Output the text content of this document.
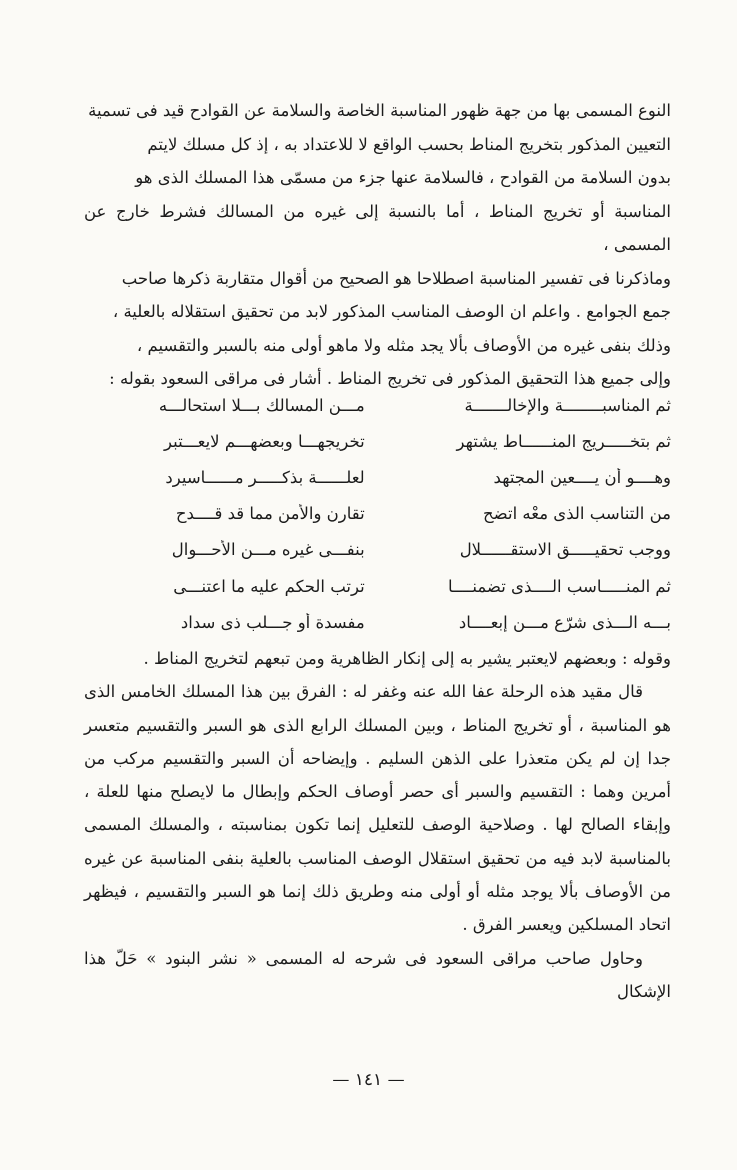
النوع المسمى بها من جهة ظهور المناسبة الخاصة والسلامة عن القوادح قيد فى تسمية

التعيين المذكور بتخريج المناط بحسب الواقع لا للاعتداد به ، إذ كل مسلك لايتم

بدون السلامة من القوادح ، فالسلامة عنها جزء من مسمّى هذا المسلك الذى هو

المناسبة أو تخريج المناط ، أما بالنسبة إلى غيره من المسالك فشرط خارج عن المسمى ،

وماذكرنا فى تفسير المناسبة اصطلاحا هو الصحيح من أقوال متقاربة ذكرها صاحب

جمع الجوامع . واعلم ان الوصف المناسب المذكور لابد من تحقيق استقلاله بالعلية ،

وذلك بنفى غيره من الأوصاف بألا يجد مثله ولا ماهو أولى منه بالسبر والتقسيم ،

وإلى جميع هذا التحقيق المذكور فى تخريج المناط . أشار فى مراقى السعود بقوله :

ثم المناسبــــــــة والإخالـــــــة
مـــن المسالك بـــلا استحالـــه
ثم بتخـــــريج المنــــــاط يشتهر
تخريجهـــا وبعضهـــم لايعـــتبر
وهــــو أن يــــعين المجتهد
لعلــــــة بذكـــــر مــــــاسيرد
من التناسب الذى معْه اتضح
تقارن والأمن مما قد قــــدح
ووجب تحقيـــــق الاستقــــــلال
بنفـــى غيره مـــن الأحـــوال
ثم المنـــــاسب الــــذى تضمنــــا
ترتب الحكم عليه ما اعتنـــى
بـــه الـــذى شرّع مـــن إبعــــاد
مفسدة أو جـــلب ذى سداد

وقوله : وبعضهم لايعتبر يشير به إلى إنكار الظاهرية ومن تبعهم لتخريج المناط .

قال مقيد هذه الرحلة عفا الله عنه وغفر له : الفرق بين هذا المسلك الخامس الذى هو المناسبة ، أو تخريج المناط ، وبين المسلك الرابع الذى هو السبر والتقسيم متعسر جدا إن لم يكن متعذرا على الذهن السليم . وإيضاحه أن السبر والتقسيم مركب من أمرين وهما : التقسيم والسبر أى حصر أوصاف الحكم وإبطال ما لايصلح منها للعلة ، وإبقاء الصالح لها . وصلاحية الوصف للتعليل إنما تكون بمناسبته ، والمسلك المسمى بالمناسبة لابد فيه من تحقيق استقلال الوصف المناسب بالعلية بنفى المناسبة عن غيره من الأوصاف بألا يوجد مثله أو أولى منه وطريق ذلك إنما هو السبر والتقسيم ، فيظهر اتحاد المسلكين ويعسر الفرق .

وحاول صاحب مراقى السعود فى شرحه له المسمى « نشر البنود » حَلّ هذا الإشكال

— ١٤١ —
